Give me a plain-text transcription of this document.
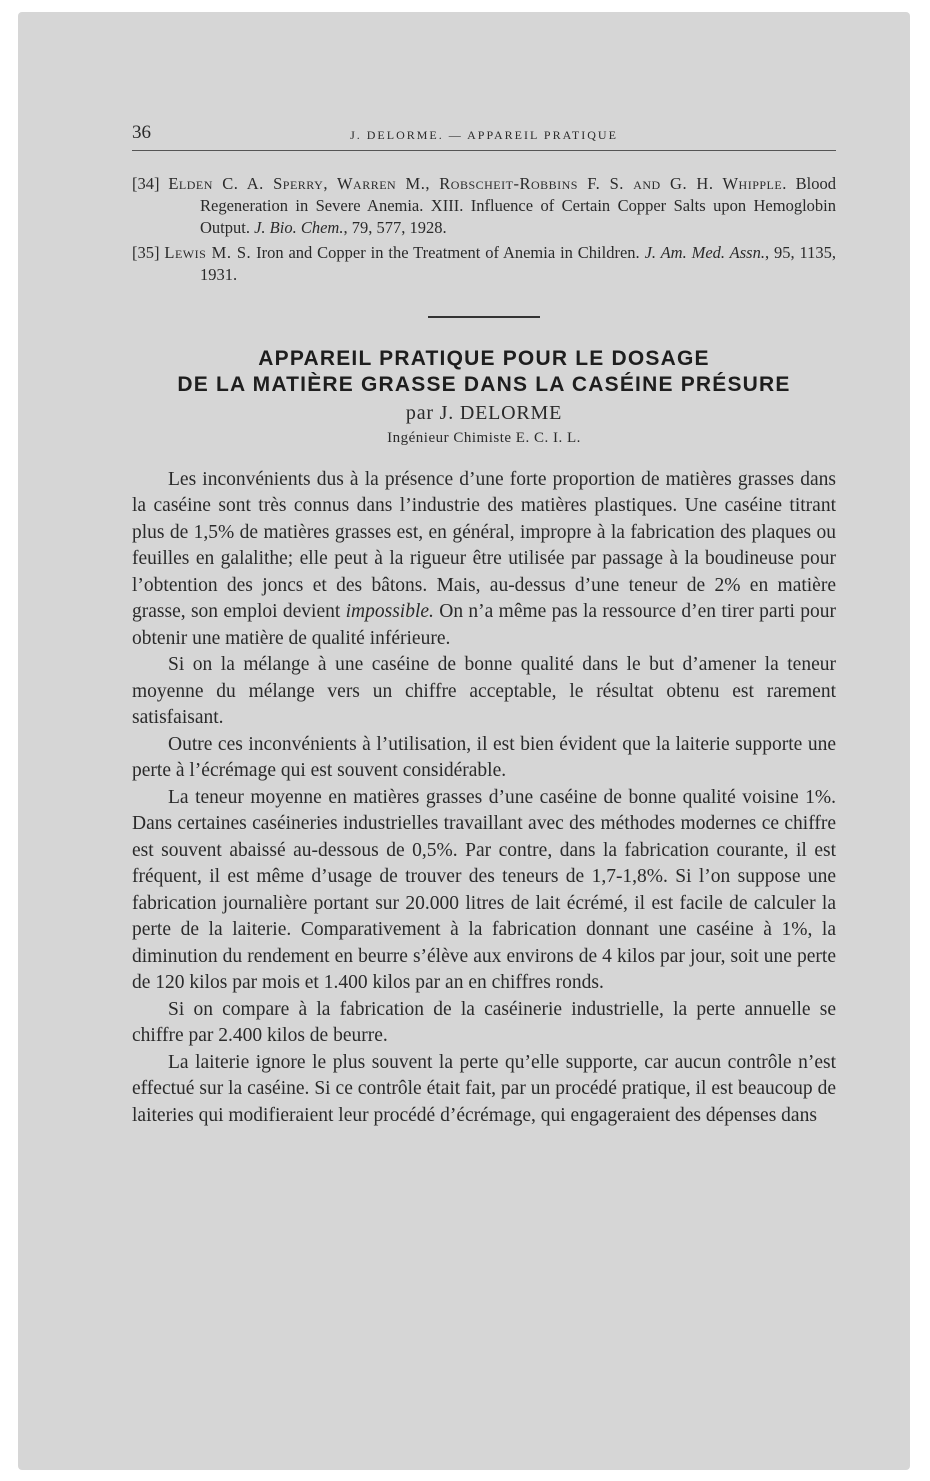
36	J. DELORME. — APPAREIL PRATIQUE
[34] Elden C. A. Sperry, Warren M., Robscheit-Robbins F. S. and G. H. Whipple. Blood Regeneration in Severe Anemia. XIII. Influence of Certain Copper Salts upon Hemoglobin Output. J. Bio. Chem., 79, 577, 1928.
[35] Lewis M. S. Iron and Copper in the Treatment of Anemia in Children. J. Am. Med. Assn., 95, 1135, 1931.
APPAREIL PRATIQUE POUR LE DOSAGE
DE LA MATIÈRE GRASSE DANS LA CASÉINE PRÉSURE
par J. DELORME
Ingénieur Chimiste E. C. I. L.

Les inconvénients dus à la présence d’une forte proportion de matières grasses dans la caséine sont très connus dans l’industrie des matières plastiques. Une caséine titrant plus de 1,5% de matières grasses est, en général, impropre à la fabrication des plaques ou feuilles en galalithe; elle peut à la rigueur être utilisée par passage à la boudineuse pour l’obtention des joncs et des bâtons. Mais, au-dessus d’une teneur de 2% en matière grasse, son emploi devient impossible. On n’a même pas la ressource d’en tirer parti pour obtenir une matière de qualité inférieure.

Si on la mélange à une caséine de bonne qualité dans le but d’amener la teneur moyenne du mélange vers un chiffre acceptable, le résultat obtenu est rarement satisfaisant.

Outre ces inconvénients à l’utilisation, il est bien évident que la laiterie supporte une perte à l’écrémage qui est souvent considérable.

La teneur moyenne en matières grasses d’une caséine de bonne qualité voisine 1%. Dans certaines caséineries industrielles travaillant avec des méthodes modernes ce chiffre est souvent abaissé au-dessous de 0,5%. Par contre, dans la fabrication courante, il est fréquent, il est même d’usage de trouver des teneurs de 1,7-1,8%. Si l’on suppose une fabrication journalière portant sur 20.000 litres de lait écrémé, il est facile de calculer la perte de la laiterie. Comparativement à la fabrication donnant une caséine à 1%, la diminution du rendement en beurre s’élève aux environs de 4 kilos par jour, soit une perte de 120 kilos par mois et 1.400 kilos par an en chiffres ronds.

Si on compare à la fabrication de la caséinerie industrielle, la perte annuelle se chiffre par 2.400 kilos de beurre.

La laiterie ignore le plus souvent la perte qu’elle supporte, car aucun contrôle n’est effectué sur la caséine. Si ce contrôle était fait, par un procédé pratique, il est beaucoup de laiteries qui modifieraient leur procédé d’écrémage, qui engageraient des dépenses dans
